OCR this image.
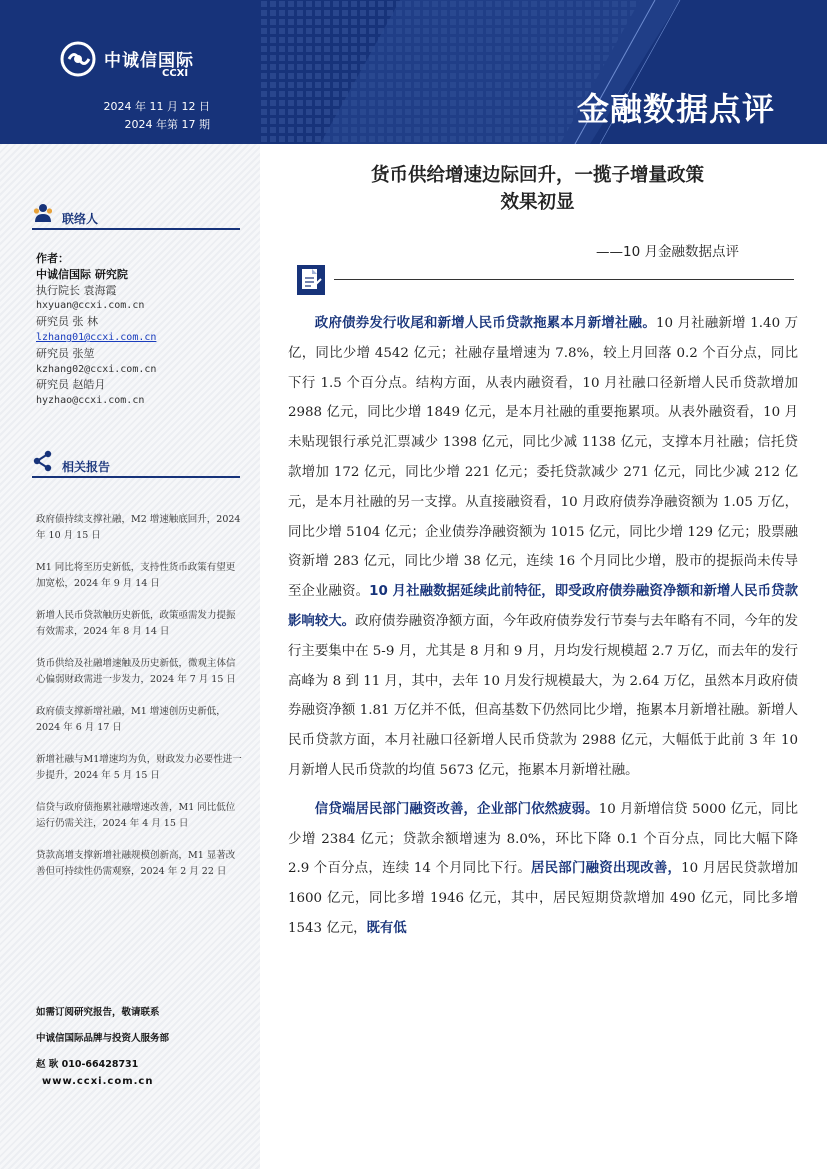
中诚信国际
CCXI
2024 年 11 月 12 日
2024 年第 17 期
联络人
作者：
中诚信国际 研究院
执行院长 袁海霞
hxyuan@ccxi.com.cn
研究员 张 林
lzhang01@ccxi.com.cn
研究员 张堃
kzhang02@ccxi.com.cn
研究员 赵皓月
hyzhao@ccxi.com.cn
相关报告
政府债持续支撑社融，M2 增速触底回升，2024 年 10 月 15 日
M1 同比将至历史新低，支持性货币政策有望更加宽松，2024 年 9 月 14 日
新增人民币贷款触历史新低，政策亟需发力提振有效需求，2024 年 8 月 14 日
货币供给及社融增速触及历史新低，微观主体信心偏弱财政需进一步发力，2024 年 7 月 15 日
政府债支撑新增社融，M1 增速创历史新低，2024 年 6 月 17 日
新增社融与M1增速均为负，财政发力必要性进一步提升，2024 年 5 月 15 日
信贷与政府债拖累社融增速改善，M1 同比低位运行仍需关注，2024 年 4 月 15 日
贷款高增支撑新增社融规模创新高，M1 显著改善但可持续性仍需观察，2024 年 2 月 22 日
如需订阅研究报告，敬请联系
中诚信国际品牌与投资人服务部
赵 耿 010-66428731
www.ccxi.com.cn
金融数据点评
货币供给增速边际回升，一揽子增量政策
效果初显
——10 月金融数据点评

政府债券发行收尾和新增人民币贷款拖累本月新增社融。10 月社融新增 1.40 万亿，同比少增 4542 亿元；社融存量增速为 7.8%，较上月回落 0.2 个百分点，同比下行 1.5 个百分点。结构方面，从表内融资看，10 月社融口径新增人民币贷款增加 2988 亿元，同比少增 1849 亿元，是本月社融的重要拖累项。从表外融资看，10 月未贴现银行承兑汇票减少 1398 亿元，同比少减 1138 亿元，支撑本月社融；信托贷款增加 172 亿元，同比少增 221 亿元；委托贷款减少 271 亿元，同比少减 212 亿元，是本月社融的另一支撑。从直接融资看，10 月政府债券净融资额为 1.05 万亿，同比少增 5104 亿元；企业债券净融资额为 1015 亿元，同比少增 129 亿元；股票融资新增 283 亿元，同比少增 38 亿元，连续 16 个月同比少增，股市的提振尚未传导至企业融资。10 月社融数据延续此前特征，即受政府债券融资净额和新增人民币贷款影响较大。政府债券融资净额方面，今年政府债券发行节奏与去年略有不同，今年的发行主要集中在 5-9 月，尤其是 8 月和 9 月，月均发行规模超 2.7 万亿，而去年的发行高峰为 8 到 11 月，其中，去年 10 月发行规模最大，为 2.64 万亿，虽然本月政府债券融资净额 1.81 万亿并不低，但高基数下仍然同比少增，拖累本月新增社融。新增人民币贷款方面，本月社融口径新增人民币贷款为 2988 亿元，大幅低于此前 3 年 10 月新增人民币贷款的均值 5673 亿元，拖累本月新增社融。

信贷端居民部门融资改善，企业部门依然疲弱。10 月新增信贷 5000 亿元，同比少增 2384 亿元；贷款余额增速为 8.0%，环比下降 0.1 个百分点，同比大幅下降 2.9 个百分点，连续 14 个月同比下行。居民部门融资出现改善，10 月居民贷款增加 1600 亿元，同比多增 1946 亿元，其中，居民短期贷款增加 490 亿元，同比多增 1543 亿元，既有低
